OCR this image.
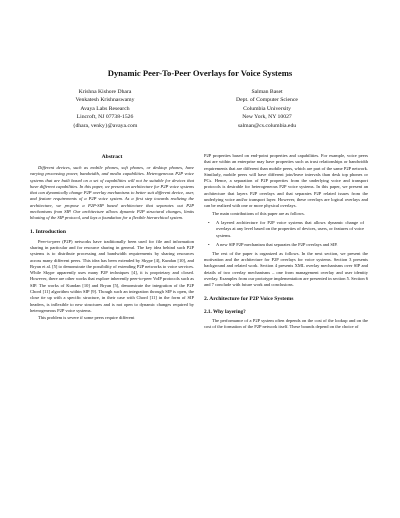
Dynamic Peer-To-Peer Overlays for Voice Systems
Krishna Kishore Dhara
Venkatesh Krishnaswamy
Avaya Labs Research
Lincroft, NJ 07738-1526
{dhara, venky}@avaya.com
Salman Baset
Dept. of Computer Science
Columbia University
New York, NY 10027
salman@cs.columbia.edu
Abstract

Different devices, such as mobile phones, soft phones, or desktop phones, have varying processing power, bandwidth, and media capabilities. Heterogeneous P2P voice systems that are built based on a set of capabilities will not be suitable for devices that have different capabilities. In this paper, we present an architecture for P2P voice systems that can dynamically change P2P overlay mechanisms to better suit different device, user, and feature requirements of a P2P voice system. As a first step towards realizing the architecture, we propose a P2P-SIP based architecture that separates out P2P mechanisms from SIP. Our architecture allows dynamic P2P structural changes, limits bloating of the SIP protocol, and lays a foundation for a flexible hierarchical system.

1. Introduction

Peer-to-peer (P2P) networks have traditionally been used for file and information sharing in particular and for resource sharing in general. The key idea behind such P2P systems is to distribute processing and bandwidth requirements by sharing resources across many different peers. This idea has been extended by Skype [4], Kundan [10], and Bryan et al. [5] to demonstrate the possibility of extending P2P networks to voice services. While Skype apparently uses many P2P techniques [4], it is proprietary and closed. However, there are other works that explore inherently peer-to-peer VoIP protocols such as SIP. The works of Kundan [10] and Bryan [5], demonstrate the integration of the P2P Chord [11] algorithm within SIP [9]. Though such an integration through SIP is open, the close tie up with a specific structure, in their case with Chord [11] in the form of SIP headers, is inflexible to new structures and is not open to dynamic changes required by heterogeneous P2P voice systems.

This problem is severe if some peers require different

P2P properties based on end-point properties and capabilities. For example, voice peers that are within an enterprise may have properties such as trust relationships or bandwidth requirements that are different than mobile peers, which are part of the same P2P network. Similarly, mobile peers will have different join/leave intervals than desk top phones or PCs. Hence, a separation of P2P properties from the underlying voice and transport protocols is desirable for heterogeneous P2P voice systems. In this paper, we present an architecture that layers P2P overlays and that separates P2P related issues from the underlying voice and/or transport layer. However, these overlays are logical overlays and can be realized with one or more physical overlays.

The main contributions of this paper are as follows.

• A layered architecture for P2P voice systems that allows dynamic change of overlays at any level based on the properties of devices, users, or features of voice systems.
• A new SIP P2P mechanism that separates the P2P overlays and SIP.

The rest of the paper is organized as follows. In the next section, we present the motivation and the architecture for P2P overlays for voice systems. Section 3 presents background and related work. Section 4 presents XML overlay mechanisms over SIP and details of two overlay mechanisms – one from management overlay and user identity overlay. Examples from our prototype implementation are presented in section 5. Section 6 and 7 conclude with future work and conclusions.

2. Architecture for P2P Voice Systems
2.1. Why layering?

The performance of a P2P system often depends on the cost of the lookup and on the cost of the formation of the P2P network itself. These bounds depend on the choice of
